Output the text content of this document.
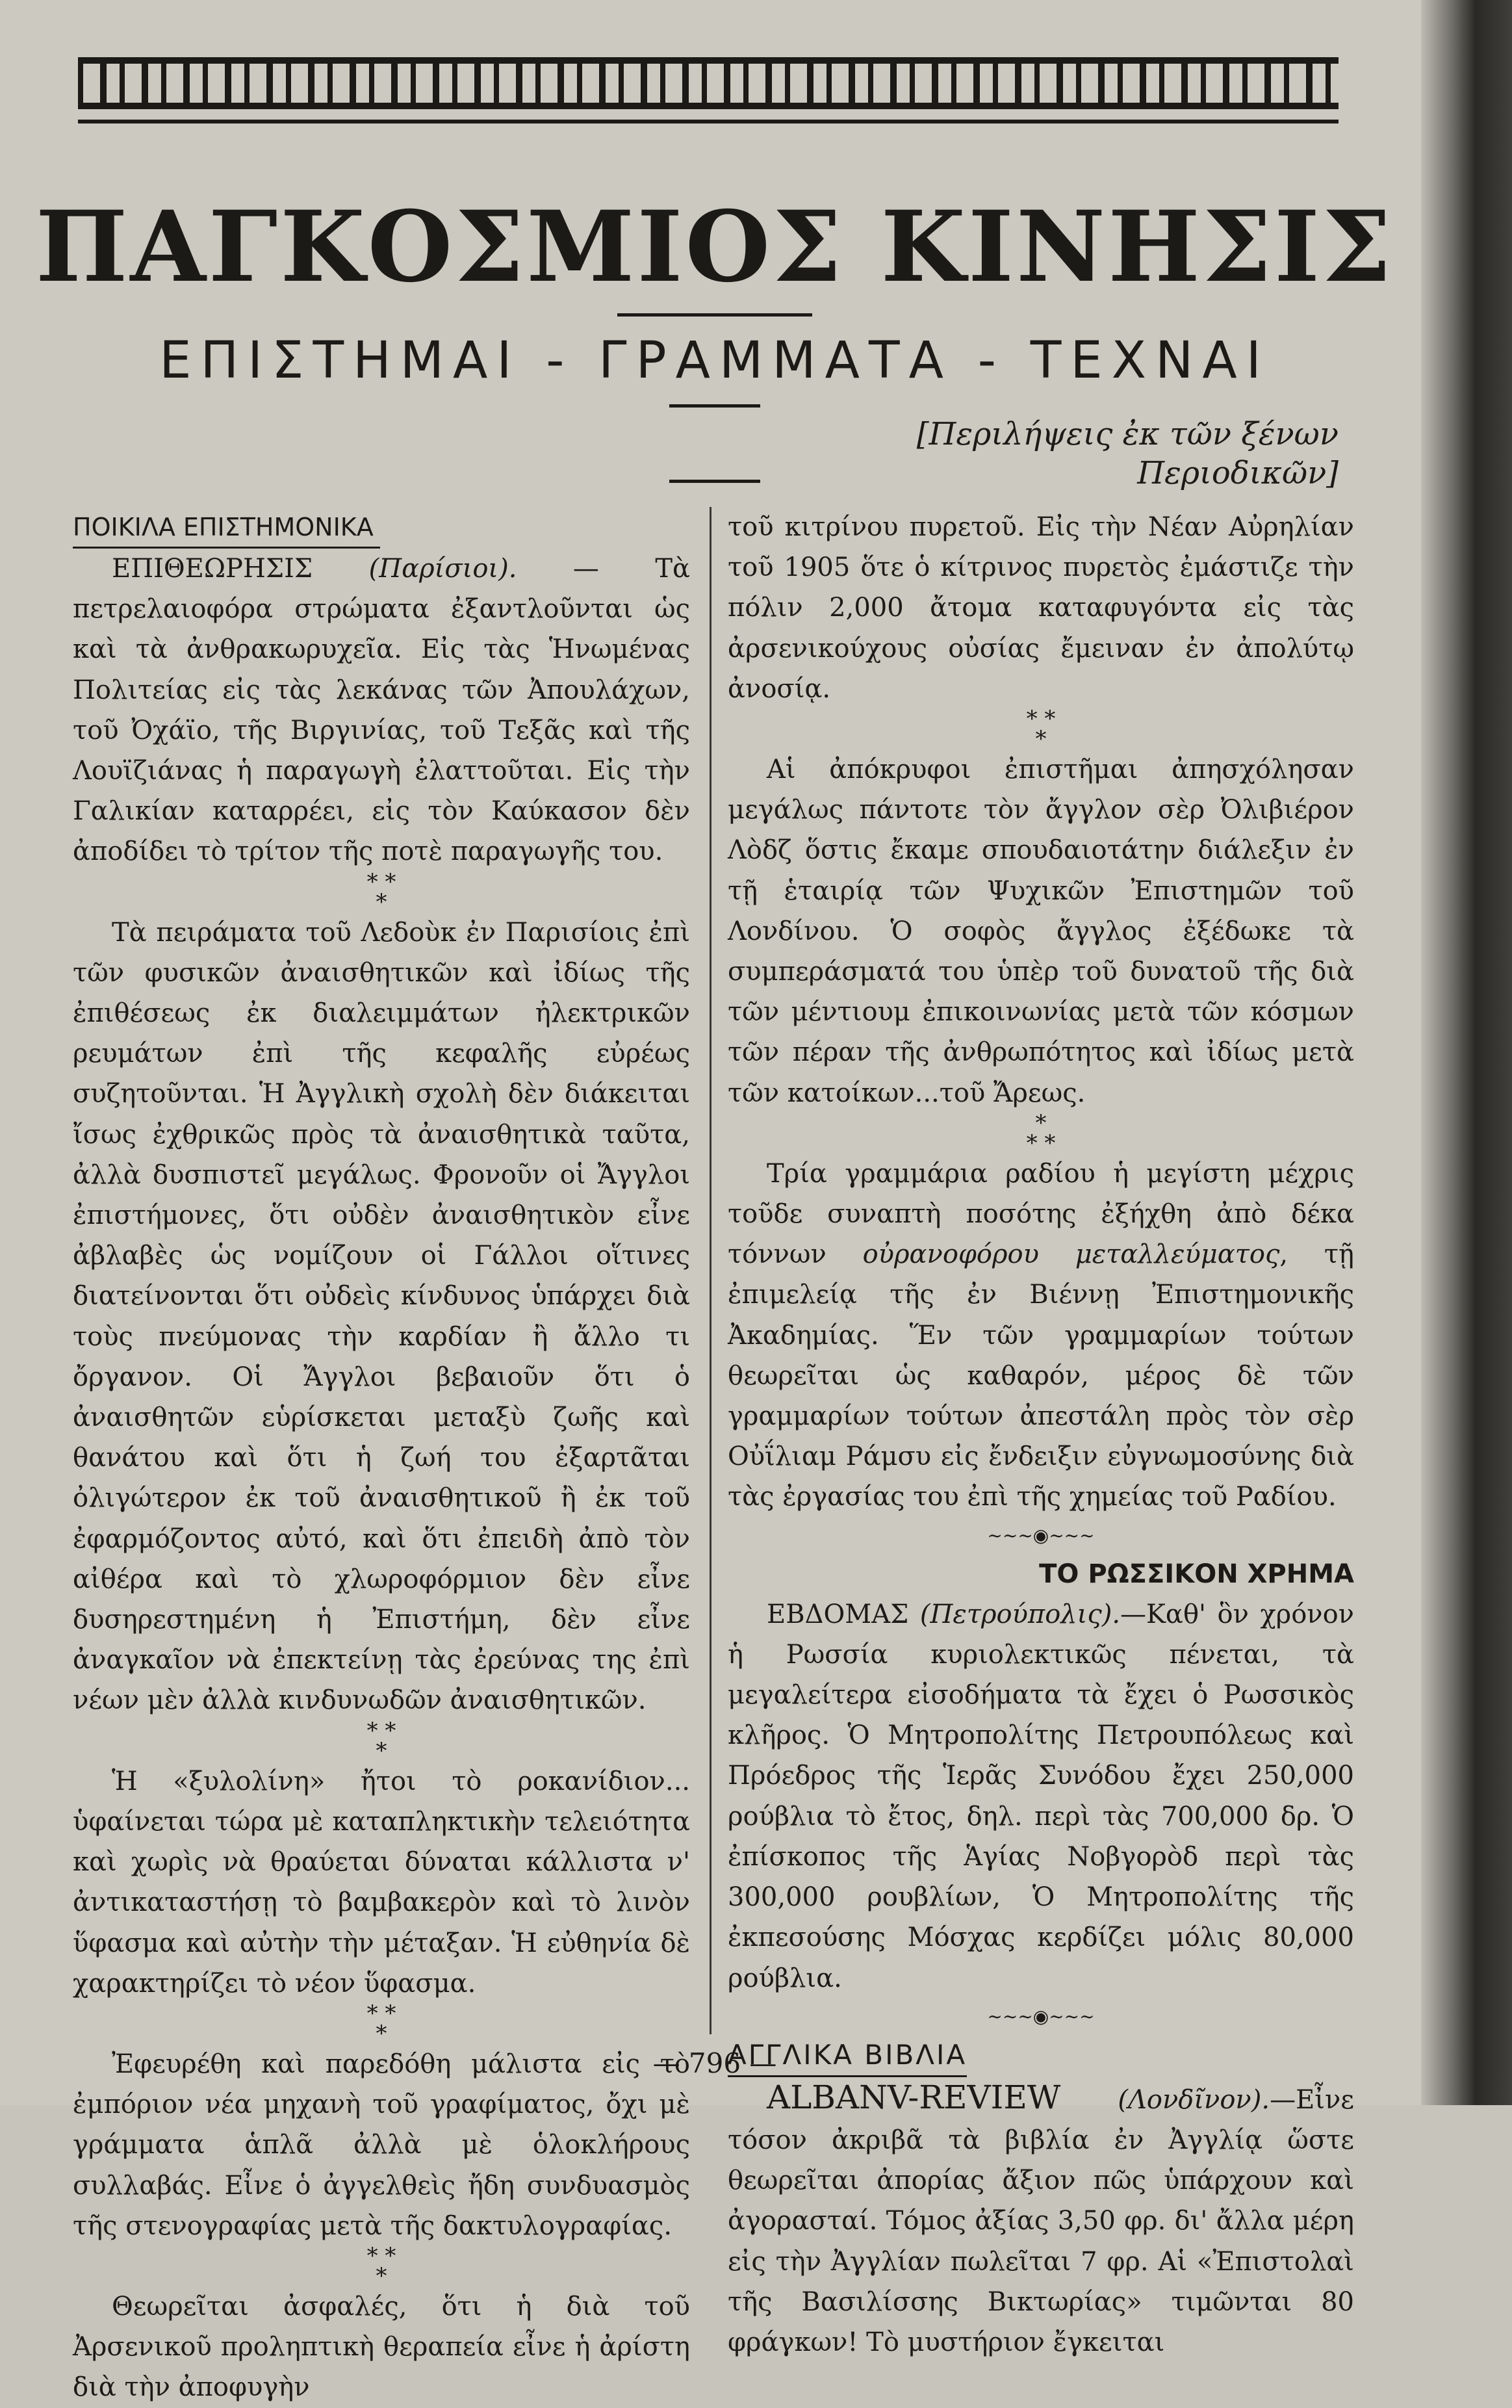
ΠΑΓΚΟΣΜΙΟΣ ΚΙΝΗΣΙΣ
ΕΠΙΣΤΗΜΑΙ - ΓΡΑΜΜΑΤΑ - ΤΕΧΝΑΙ
[Περιλήψεις ἐκ τῶν ξένων Περιοδικῶν]

ΠΟΙΚΙΛΑ ΕΠΙΣΤΗΜΟΝΙΚΑ

ΕΠΙΘΕΩΡΗΣΙΣ (Παρίσιοι). — Τὰ πετρελαιοφόρα στρώματα ἐξαντλοῦνται ὡς καὶ τὰ ἀνθρακωρυχεῖα. Εἰς τὰς Ἡνωμένας Πολιτείας εἰς τὰς λεκάνας τῶν Ἀπουλάχων, τοῦ Ὀχάϊο, τῆς Βιργινίας, τοῦ Τεξᾶς καὶ τῆς Λουϊζιάνας ἡ παραγωγὴ ἐλαττοῦται. Εἰς τὴν Γαλικίαν καταρρέει, εἰς τὸν Καύκασον δὲν ἀποδίδει τὸ τρίτον τῆς ποτὲ παραγωγῆς του.

* *
*

Τὰ πειράματα τοῦ Λεδοὺκ ἐν Παρισίοις ἐπὶ τῶν φυσικῶν ἀναισθητικῶν καὶ ἰδίως τῆς ἐπιθέσεως ἐκ διαλειμμάτων ἠλεκτρικῶν ρευμάτων ἐπὶ τῆς κεφαλῆς εὐρέως συζητοῦνται. Ἡ Ἀγγλικὴ σχολὴ δὲν διάκειται ἴσως ἐχθρικῶς πρὸς τὰ ἀναισθητικὰ ταῦτα, ἀλλὰ δυσπιστεῖ μεγάλως. Φρονοῦν οἱ Ἄγγλοι ἐπιστήμονες, ὅτι οὐδὲν ἀναισθητικὸν εἶνε ἀβλαβὲς ὡς νομίζουν οἱ Γάλλοι οἵτινες διατείνονται ὅτι οὐδεὶς κίνδυνος ὑπάρχει διὰ τοὺς πνεύμονας τὴν καρδίαν ἢ ἄλλο τι ὄργανον. Οἱ Ἄγγλοι βεβαιοῦν ὅτι ὁ ἀναισθητῶν εὑρίσκεται μεταξὺ ζωῆς καὶ θανάτου καὶ ὅτι ἡ ζωή του ἐξαρτᾶται ὀλιγώτερον ἐκ τοῦ ἀναισθητικοῦ ἢ ἐκ τοῦ ἐφαρμόζοντος αὐτό, καὶ ὅτι ἐπειδὴ ἀπὸ τὸν αἰθέρα καὶ τὸ χλωροφόρμιον δὲν εἶνε δυσηρεστημένη ἡ Ἐπιστήμη, δὲν εἶνε ἀναγκαῖον νὰ ἐπεκτείνῃ τὰς ἐρεύνας της ἐπὶ νέων μὲν ἀλλὰ κινδυνωδῶν ἀναισθητικῶν.

* *
*

Ἡ «ξυλολίνη» ἤτοι τὸ ροκανίδιον... ὑφαίνεται τώρα μὲ καταπληκτικὴν τελειότητα καὶ χωρὶς νὰ θραύεται δύναται κάλλιστα ν' ἀντικαταστήσῃ τὸ βαμβακερὸν καὶ τὸ λινὸν ὕφασμα καὶ αὐτὴν τὴν μέταξαν. Ἡ εὐθηνία δὲ χαρακτηρίζει τὸ νέον ὕφασμα.

* *
*

Ἐφευρέθη καὶ παρεδόθη μάλιστα εἰς τὸ ἐμπόριον νέα μηχανὴ τοῦ γραφίματος, ὄχι μὲ γράμματα ἁπλᾶ ἀλλὰ μὲ ὁλοκλήρους συλλαβάς. Εἶνε ὁ ἀγγελθεὶς ἤδη συνδυασμὸς τῆς στενογραφίας μετὰ τῆς δακτυλογραφίας.

* *
*

Θεωρεῖται ἀσφαλές, ὅτι ἡ διὰ τοῦ Ἀρσενικοῦ προληπτικὴ θεραπεία εἶνε ἡ ἀρίστη διὰ τὴν ἀποφυγὴν

τοῦ κιτρίνου πυρετοῦ. Εἰς τὴν Νέαν Αὐρηλίαν τοῦ 1905 ὅτε ὁ κίτρινος πυρετὸς ἐμάστιζε τὴν πόλιν 2,000 ἄτομα καταφυγόντα εἰς τὰς ἀρσενικούχους οὐσίας ἔμειναν ἐν ἀπολύτῳ ἀνοσίᾳ.

* *
*

Αἱ ἀπόκρυφοι ἐπιστῆμαι ἀπησχόλησαν μεγάλως πάντοτε τὸν ἄγγλον σὲρ Ὀλιβιέρον Λὸδζ ὅστις ἔκαμε σπουδαιοτάτην διάλεξιν ἐν τῇ ἑταιρίᾳ τῶν Ψυχικῶν Ἐπιστημῶν τοῦ Λονδίνου. Ὁ σοφὸς ἄγγλος ἐξέδωκε τὰ συμπεράσματά του ὑπὲρ τοῦ δυνατοῦ τῆς διὰ τῶν μέντιουμ ἐπικοινωνίας μετὰ τῶν κόσμων τῶν πέραν τῆς ἀνθρωπότητος καὶ ἰδίως μετὰ τῶν κατοίκων...τοῦ Ἄρεως.

*
* *

Τρία γραμμάρια ραδίου ἡ μεγίστη μέχρις τοῦδε συναπτὴ ποσότης ἐξήχθη ἀπὸ δέκα τόννων οὐρανοφόρου μεταλλεύματος, τῇ ἐπιμελείᾳ τῆς ἐν Βιέννῃ Ἐπιστημονικῆς Ἀκαδημίας. Ἕν τῶν γραμμαρίων τούτων θεωρεῖται ὡς καθαρόν, μέρος δὲ τῶν γραμμαρίων τούτων ἀπεστάλη πρὸς τὸν σὲρ Οὐΐλιαμ Ράμσυ εἰς ἔνδειξιν εὐγνωμοσύνης διὰ τὰς ἐργασίας του ἐπὶ τῆς χημείας τοῦ Ραδίου.

~~~◉~~~

ΤΟ ΡΩΣΣΙΚΟΝ ΧΡΗΜΑ

ΕΒΔΟΜΑΣ (Πετρούπολις).—Καθ' ὃν χρόνον ἡ Ρωσσία κυριολεκτικῶς πένεται, τὰ μεγαλείτερα εἰσοδήματα τὰ ἔχει ὁ Ρωσσικὸς κλῆρος. Ὁ Μητροπολίτης Πετρουπόλεως καὶ Πρόεδρος τῆς Ἱερᾶς Συνόδου ἔχει 250,000 ρούβλια τὸ ἔτος, δηλ. περὶ τὰς 700,000 δρ. Ὁ ἐπίσκοπος τῆς Ἁγίας Νοβγορὸδ περὶ τὰς 300,000 ρουβλίων, Ὁ Μητροπολίτης τῆς ἐκπεσούσης Μόσχας κερδίζει μόλις 80,000 ρούβλια.

~~~◉~~~

ΑΓΓΛΙΚΑ ΒΙΒΛΙΑ

ALBANV-REVIEW (Λονδῖνον).—Εἶνε τόσον ἀκριβᾶ τὰ βιβλία ἐν Ἀγγλίᾳ ὥστε θεωρεῖται ἀπορίας ἄξιον πῶς ὑπάρχουν καὶ ἀγορασταί. Τόμος ἀξίας 3,50 φρ. δι' ἄλλα μέρη εἰς τὴν Ἀγγλίαν πωλεῖται 7 φρ. Αἱ «Ἐπιστολαὶ τῆς Βασιλίσσης Βικτωρίας» τιμῶνται 80 φράγκων! Τὸ μυστήριον ἔγκειται

— 796 —
